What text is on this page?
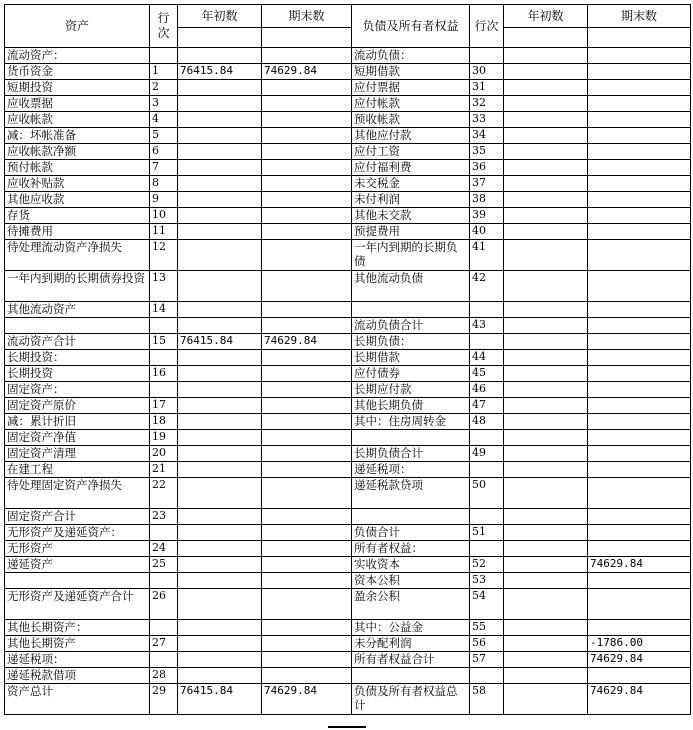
资产	行次	年初数	期末数	负债及所有者权益	行次	年初数	期末数

流动资产：				流动负债：			
货币资金	1	76415.84	74629.84	短期借款	30		
短期投资	2			应付票据	31		
应收票据	3			应付帐款	32		
应收帐款	4			预收帐款	33		
减：坏帐准备	5			其他应付款	34		
应收帐款净额	6			应付工资	35		
预付帐款	7			应付福利费	36		
应收补贴款	8			未交税金	37		
其他应收款	9			未付利润	38		
存货	10			其他未交款	39		
待摊费用	11			预提费用	40		
待处理流动资产净损失	12			一年内到期的长期负债	41		
一年内到期的长期债券投资	13			其他流动负债	42		
其他流动资产	14						
				流动负债合计	43		
流动资产合计	15	76415.84	74629.84	长期负债：			
长期投资：				长期借款	44		
长期投资	16			应付债券	45		
固定资产：				长期应付款	46		
固定资产原价	17			其他长期负债	47		
减：累计折旧	18			其中：住房周转金	48		
固定资产净值	19						
固定资产清理	20			长期负债合计	49		
在建工程	21			递延税项：			
待处理固定资产净损失	22			递延税款贷项	50		
固定资产合计	23						
无形资产及递延资产：				负债合计	51		
无形资产	24			所有者权益：			
递延资产	25			实收资本	52		74629.84
				资本公积	53		
无形资产及递延资产合计	26			盈余公积	54		
其他长期资产：				其中：公益金	55		
其他长期资产	27			未分配利润	56		-1786.00
递延税项：				所有者权益合计	57		74629.84
递延税款借项	28						
资产总计	29	76415.84	74629.84	负债及所有者权益总计	58		74629.84
